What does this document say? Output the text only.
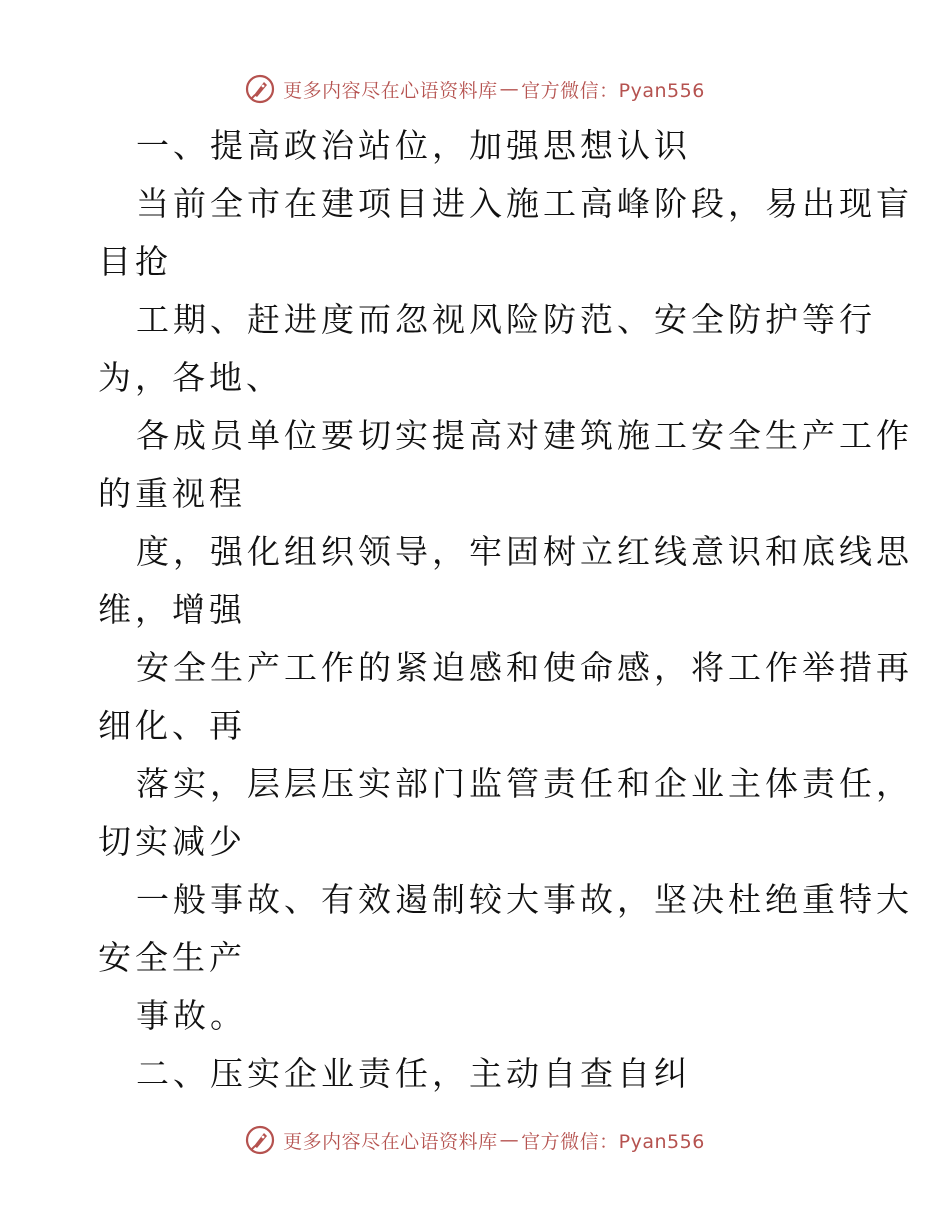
更多内容尽在心语资料库 — 官方微信：Pyan556
一、提高政治站位，加强思想认识
当前全市在建项目进入施工高峰阶段，易出现盲
目抢
工期、赶进度而忽视风险防范、安全防护等行
为，各地、
各成员单位要切实提高对建筑施工安全生产工作
的重视程
度，强化组织领导，牢固树立红线意识和底线思
维，增强
安全生产工作的紧迫感和使命感，将工作举措再
细化、再
落实，层层压实部门监管责任和企业主体责任，
切实减少
一般事故、有效遏制较大事故，坚决杜绝重特大
安全生产
事故。
二、压实企业责任，主动自查自纠
更多内容尽在心语资料库 — 官方微信：Pyan556
